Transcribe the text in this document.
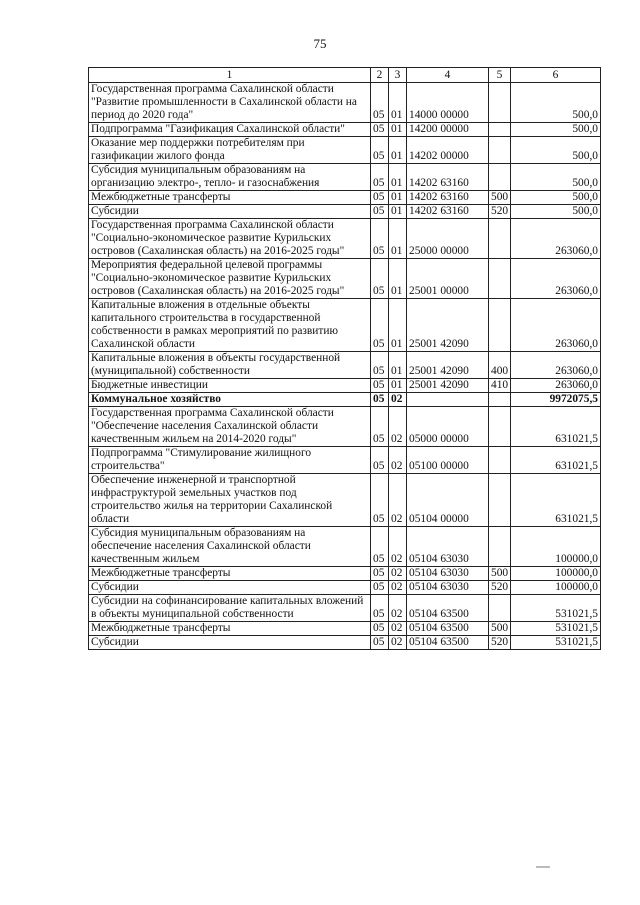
75
1	2	3	4	5	6
Государственная программа Сахалинской области "Развитие промышленности в Сахалинской области на период до 2020 года"	05	01	14000 00000		500,0
Подпрограмма "Газификация Сахалинской области"	05	01	14200 00000		500,0
Оказание мер поддержки потребителям при газификации жилого фонда	05	01	14202 00000		500,0
Субсидия муниципальным образованиям на организацию электро-, тепло- и газоснабжения	05	01	14202 63160		500,0
Межбюджетные трансферты	05	01	14202 63160	500	500,0
Субсидии	05	01	14202 63160	520	500,0
Государственная программа Сахалинской области "Социально-экономическое развитие Курильских островов (Сахалинская область) на 2016-2025 годы"	05	01	25000 00000		263060,0
Мероприятия федеральной целевой программы "Социально-экономическое развитие Курильских островов (Сахалинская область) на 2016-2025 годы"	05	01	25001 00000		263060,0
Капитальные вложения в отдельные объекты капитального строительства в государственной собственности в рамках мероприятий по развитию Сахалинской области	05	01	25001 42090		263060,0
Капитальные вложения в объекты государственной (муниципальной) собственности	05	01	25001 42090	400	263060,0
Бюджетные инвестиции	05	01	25001 42090	410	263060,0
Коммунальное хозяйство	05	02			9972075,5
Государственная программа Сахалинской области "Обеспечение населения Сахалинской области качественным жильем на 2014-2020 годы"	05	02	05000 00000		631021,5
Подпрограмма "Стимулирование жилищного строительства"	05	02	05100 00000		631021,5
Обеспечение инженерной и транспортной инфраструктурой земельных участков под строительство жилья на территории Сахалинской области	05	02	05104 00000		631021,5
Субсидия муниципальным образованиям на обеспечение населения Сахалинской области качественным жильем	05	02	05104 63030		100000,0
Межбюджетные трансферты	05	02	05104 63030	500	100000,0
Субсидии	05	02	05104 63030	520	100000,0
Субсидии на софинансирование капитальных вложений в объекты муниципальной собственности	05	02	05104 63500		531021,5
Межбюджетные трансферты	05	02	05104 63500	500	531021,5
Субсидии	05	02	05104 63500	520	531021,5
